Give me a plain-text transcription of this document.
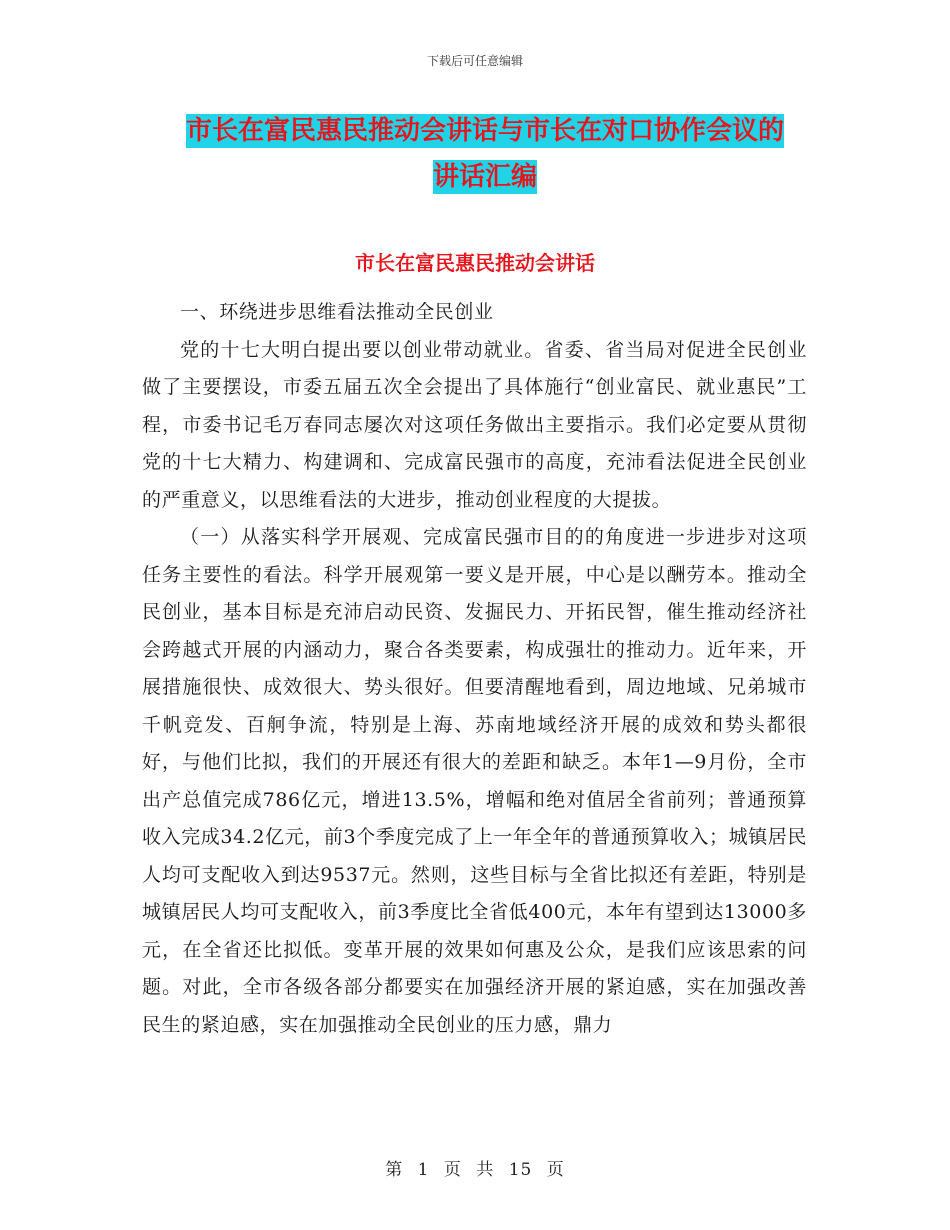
下载后可任意编辑
市长在富民惠民推动会讲话与市长在对口协作会议的
讲话汇编
市长在富民惠民推动会讲话

一、环绕进步思维看法推动全民创业

党的十七大明白提出要以创业带动就业。省委、省当局对促进全民创业做了主要摆设，市委五届五次全会提出了具体施行“创业富民、就业惠民”工程，市委书记毛万春同志屡次对这项任务做出主要指示。我们必定要从贯彻党的十七大精力、构建调和、完成富民强市的高度，充沛看法促进全民创业的严重意义，以思维看法的大进步，推动创业程度的大提拔。

（一）从落实科学开展观、完成富民强市目的的角度进一步进步对这项任务主要性的看法。科学开展观第一要义是开展，中心是以酬劳本。推动全民创业，基本目标是充沛启动民资、发掘民力、开拓民智，催生推动经济社会跨越式开展的内涵动力，聚合各类要素，构成强壮的推动力。近年来，开展措施很快、成效很大、势头很好。但要清醒地看到，周边地域、兄弟城市千帆竞发、百舸争流，特别是上海、苏南地域经济开展的成效和势头都很好，与他们比拟，我们的开展还有很大的差距和缺乏。本年1—9月份，全市出产总值完成786亿元，增进13.5%，增幅和绝对值居全省前列；普通预算收入完成34.2亿元，前3个季度完成了上一年全年的普通预算收入；城镇居民人均可支配收入到达9537元。然则，这些目标与全省比拟还有差距，特别是城镇居民人均可支配收入，前3季度比全省低400元，本年有望到达13000多元，在全省还比拟低。变革开展的效果如何惠及公众，是我们应该思索的问题。对此，全市各级各部分都要实在加强经济开展的紧迫感，实在加强改善民生的紧迫感，实在加强推动全民创业的压力感，鼎力

第 1 页 共 15 页
